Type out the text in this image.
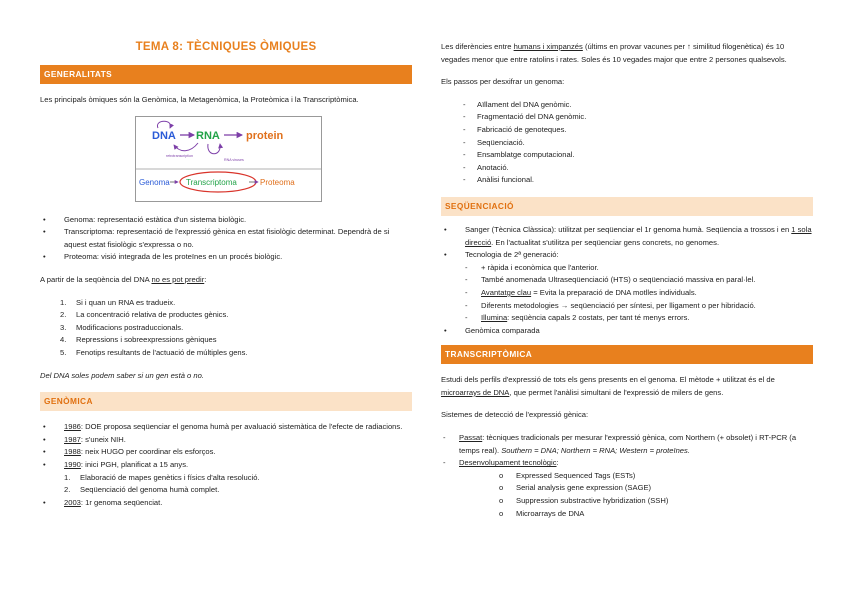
TEMA 8: TÈCNIQUES ÒMIQUES
GENERALITATS

Les principals òmiques són la Genòmica, la Metagenòmica, la Proteòmica i la Transcriptòmica.

DNA RNA protein
retrotranscription
RNA viruses
Genoma Transcriptoma	Proteoma
• Genoma: representació estàtica d'un sistema biològic.
• Transcriptoma: representació de l'expressió gènica en estat fisiològic determinat. Dependrà de si aquest estat fisiològic s'expressa o no.
• Proteoma: visió integrada de les proteïnes en un procés biològic.

A partir de la seqüència del DNA no es pot predir:

1. Si i quan un RNA es tradueix.
2. La concentració relativa de productes gènics.
3. Modificacions postraduccionals.
4. Repressions i sobreexpressions gèniques
5. Fenotips resultants de l'actuació de múltiples gens.

Del DNA soles podem saber si un gen està o no.

GENÒMICA
• 1986: DOE proposa seqüenciar el genoma humà per avaluació sistemàtica de l'efecte de radiacions.
• 1987: s'uneix NIH.
• 1988: neix HUGO per coordinar els esforços.
• 1990: inici PGH, planificat a 15 anys.
1. Elaboració de mapes genètics i físics d'alta resolució.
2. Seqüenciació del genoma humà complet.
• 2003: 1r genoma seqüenciat.

Les diferències entre humans i ximpanzés (últims en provar vacunes per ↑ similitud filogenètica) és 10 vegades menor que entre ratolins i rates. Soles és 10 vegades major que entre 2 persones qualsevols.

Els passos per desxifrar un genoma:

- Aïllament del DNA genòmic.
- Fragmentació del DNA genòmic.
- Fabricació de genoteques.
- Seqüenciació.
- Ensamblatge computacional.
- Anotació.
- Anàlisi funcional.
SEQÜENCIACIÓ
• Sanger (Tècnica Clàssica): utilitzat per seqüenciar el 1r genoma humà. Seqüencia a trossos i en 1 sola direcció. En l'actualitat s'utilitza per seqüenciar gens concrets, no genomes.
• Tecnologia de 2ª generació:
- + ràpida i econòmica que l'anterior.
- També anomenada Ultraseqüenciació (HTS) o seqüenciació massiva en paral·lel.
- Avantatge clau = Evita la preparació de DNA motlles individuals.
- Diferents metodologies → seqüenciació per síntesi, per lligament o per hibridació.
- Illumina: seqüència capals 2 costats, per tant té menys errors.
• Genòmica comparada
TRANSCRIPTÒMICA

Estudi dels perfils d'expressió de tots els gens presents en el genoma. El mètode + utilitzat és el de microarrays de DNA, que permet l'anàlisi simultani de l'expressió de milers de gens.

Sistemes de detecció de l'expressió gènica:

- Passat: tècniques tradicionals per mesurar l'expressió gènica, com Northern (+ obsolet) i RT-PCR (a temps real). Southern = DNA; Northern = RNA; Western = proteïnes.
- Desenvolupament tecnològic:
o Expressed Sequenced Tags (ESTs)
o Serial analysis gene expression (SAGE)
o Suppression substractive hybridization (SSH)
o Microarrays de DNA
